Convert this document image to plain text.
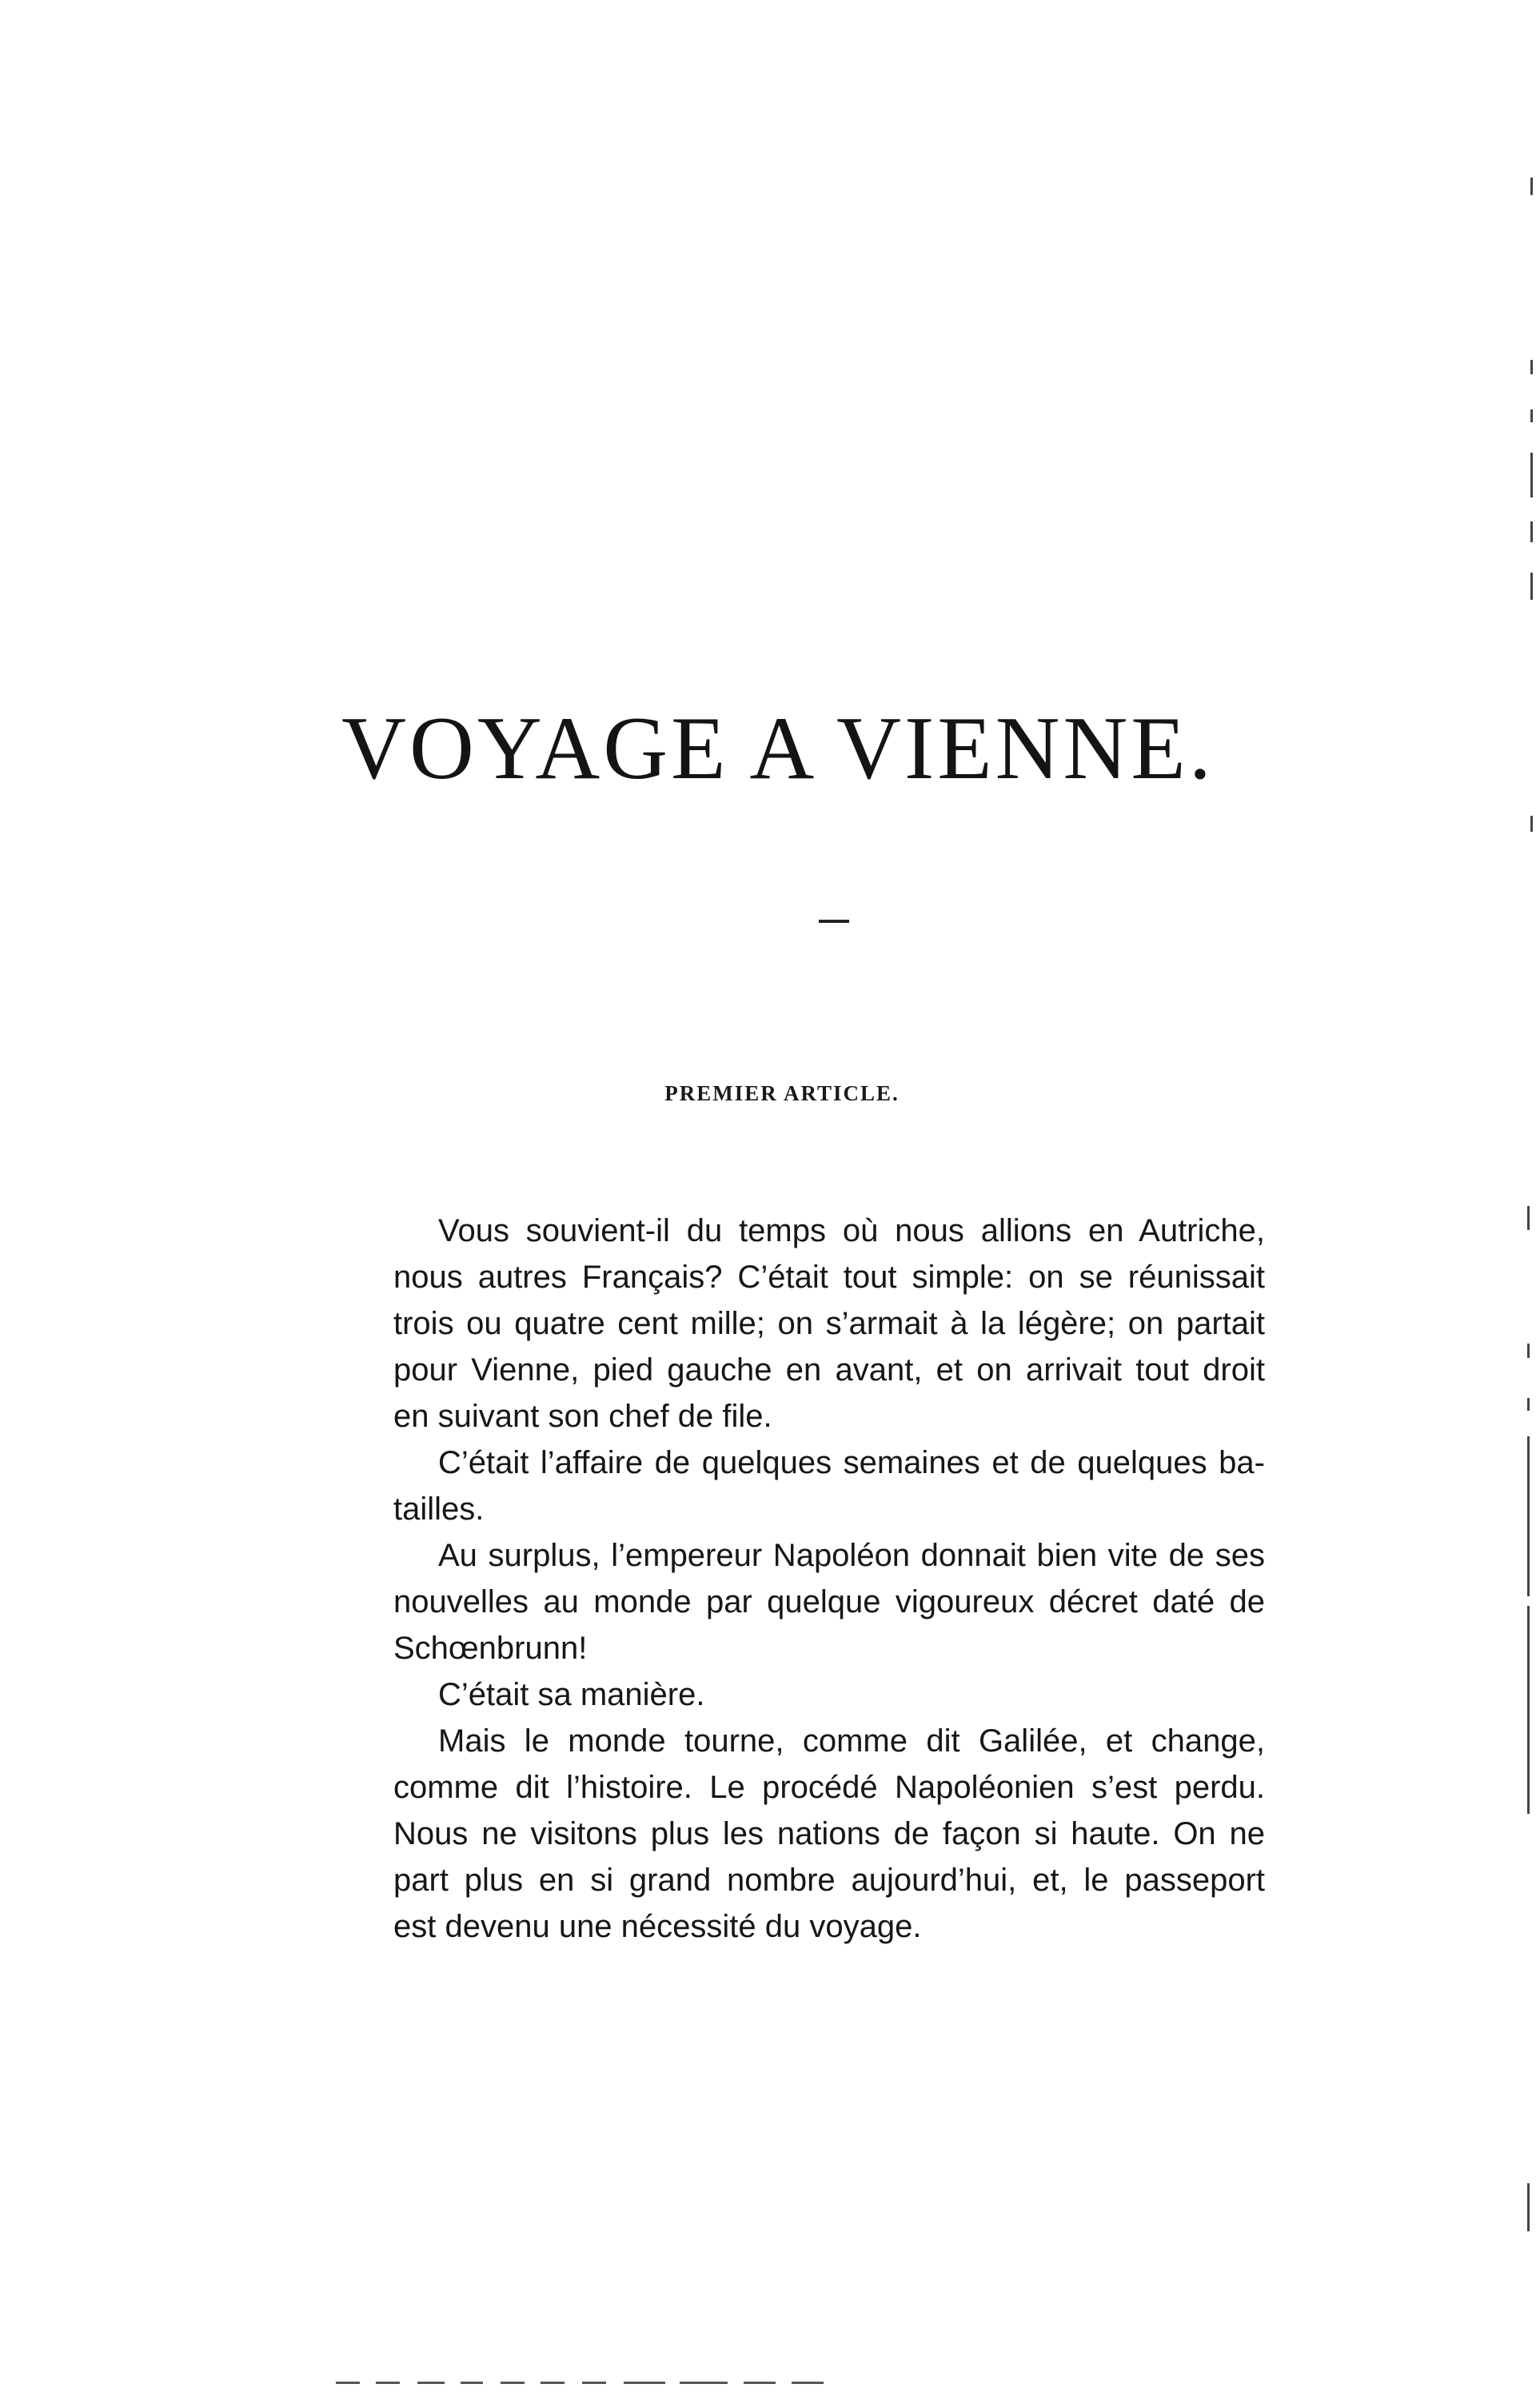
VOYAGE A VIENNE.
PREMIER ARTICLE.
Vous souvient-il du temps où nous allions en Autriche,
nous autres Français? C’était tout simple: on se réunissait
trois ou quatre cent mille; on s’armait à la légère; on partait
pour Vienne, pied gauche en avant, et on arrivait tout droit
en suivant son chef de file.
C’était l’affaire de quelques semaines et de quelques ba-
tailles.
Au surplus, l’empereur Napoléon donnait bien vite de ses
nouvelles au monde par quelque vigoureux décret daté de
Schœnbrunn!
C’était sa manière.
Mais le monde tourne, comme dit Galilée, et change,
comme dit l’histoire. Le procédé Napoléonien s’est perdu.
Nous ne visitons plus les nations de façon si haute. On ne
part plus en si grand nombre aujourd’hui, et, le passeport
est devenu une nécessité du voyage.
